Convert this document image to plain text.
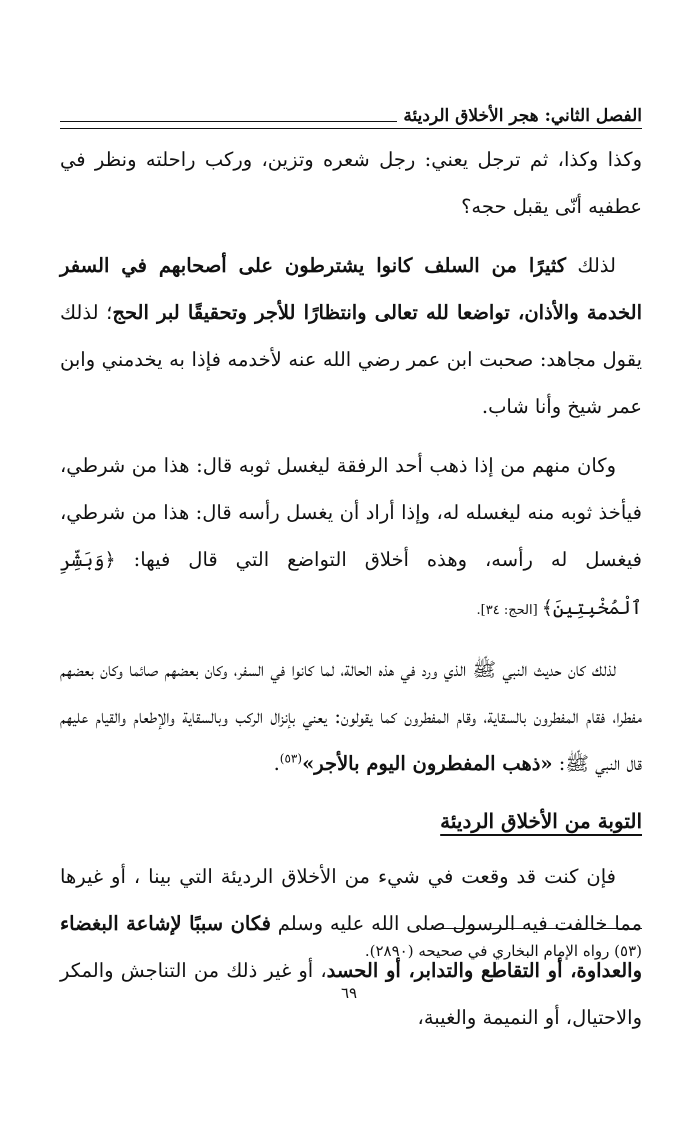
الفصل الثاني: هجر الأخلاق الرديئة

وكذا وكذا، ثم ترجل يعني: رجل شعره وتزين، وركب راحلته ونظر في عطفيه أنّى يقبل حجه؟

لذلك كثيرًا من السلف كانوا يشترطون على أصحابهم في السفر الخدمة والأذان، تواضعا لله تعالى وانتظارًا للأجر وتحقيقًا لبر الحج؛ لذلك يقول مجاهد: صحبت ابن عمر رضي الله عنه لأخدمه فإذا به يخدمني وابن عمر شيخ وأنا شاب.

وكان منهم من إذا ذهب أحد الرفقة ليغسل ثوبه قال: هذا من شرطي، فيأخذ ثوبه منه ليغسله له، وإذا أراد أن يغسل رأسه قال: هذا من شرطي، فيغسل له رأسه، وهذه أخلاق التواضع التي قال فيها: ﴿وَبَشِّرِ ٱلْمُخْبِتِينَ﴾ [الحج: ٣٤].

لذلك كان حديث النبي ﷺ الذي ورد في هذه الحالة، لما كانوا في السفر، وكان بعضهم صائما وكان بعضهم مفطرا، فقام المفطرون بالسقاية، وقام المفطرون كما يقولون: يعني بإنزال الركب وبالسقاية والإطعام والقيام عليهم قال النبي ﷺ: «ذهب المفطرون اليوم بالأجر»$^{(٥٣)}$.

التوبة من الأخلاق الرديئة

فإن كنت قد وقعت في شيء من الأخلاق الرديئة التي بينا ، أو غيرها مما خالفت فيه الرسول صلى الله عليه وسلم فكان سببًا لإشاعة البغضاء والعداوة، أو التقاطع والتدابر، أو الحسد، أو غير ذلك من التناجش والمكر والاحتيال، أو النميمة والغيبة،

(٥٣) رواه الإمام البخاري في صحيحه (٢٨٩٠).
٦٩
